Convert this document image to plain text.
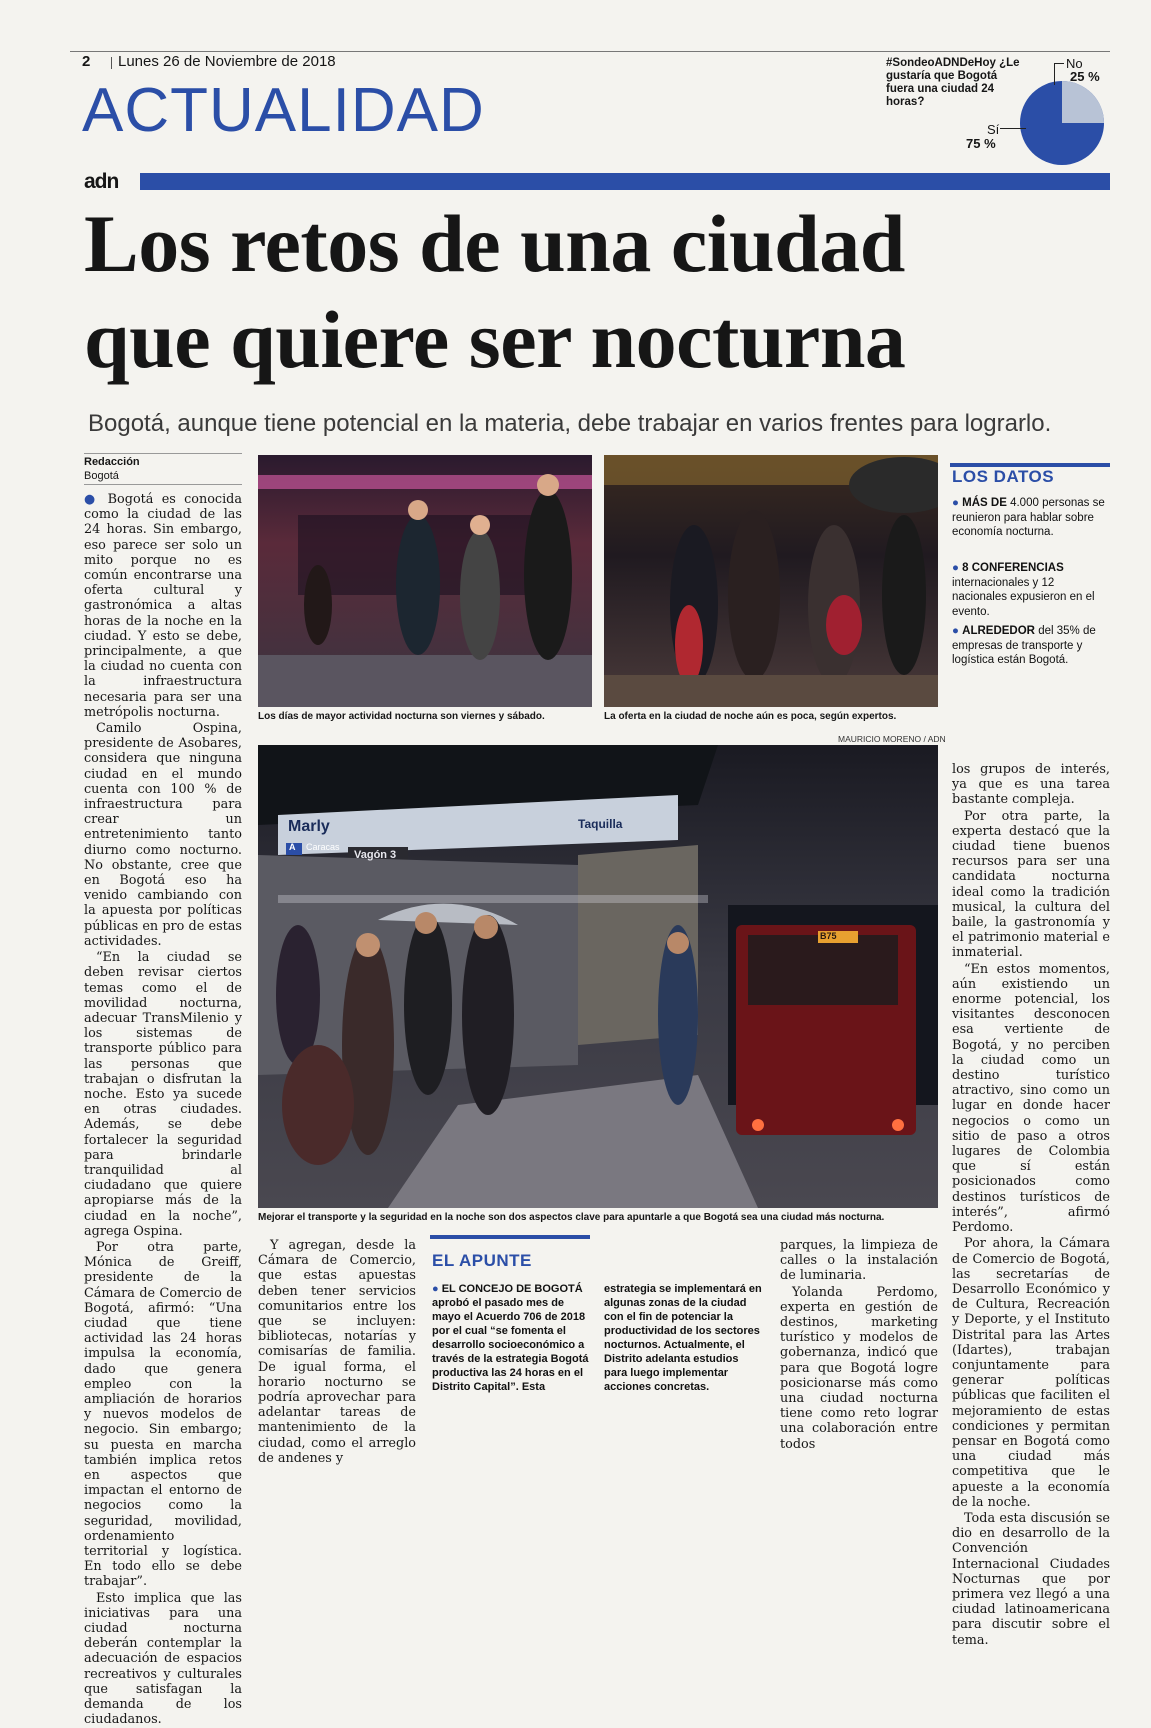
2 Lunes 26 de Noviembre de 2018
ACTUALIDAD
#SondeoADNDeHoy ¿Le gustaría que Bogotá fuera una ciudad 24 horas?
No
25 %
Sí
75 %
adn
Los retos de una ciudad
que quiere ser nocturna
Bogotá, aunque tiene potencial en la materia, debe trabajar en varios frentes para lograrlo.
Redacción
Bogotá

● Bogotá es conocida como la ciudad de las 24 horas. Sin embargo, eso parece ser solo un mito porque no es común encontrarse una oferta cultural y gastronómica a altas horas de la noche en la ciudad. Y esto se debe, principalmente, a que la ciudad no cuenta con la infraestructura necesaria para ser una metrópolis nocturna.

Camilo Ospina, presidente de Asobares, considera que ninguna ciudad en el mundo cuenta con 100 % de infraestructura para crear un entretenimiento tanto diurno como nocturno. No obstante, cree que en Bogotá eso ha venido cambiando con la apuesta por políticas públicas en pro de estas actividades.

“En la ciudad se deben revisar ciertos temas como el de movilidad nocturna, adecuar TransMilenio y los sistemas de transporte público para las personas que trabajan o disfrutan la noche. Esto ya sucede en otras ciudades. Además, se debe fortalecer la seguridad para brindarle tranquilidad al ciudadano que quiere apropiarse más de la ciudad en la noche”, agrega Ospina.

Por otra parte, Mónica de Greiff, presidente de la Cámara de Comercio de Bogotá, afirmó: “Una ciudad que tiene actividad las 24 horas impulsa la economía, dado que genera empleo con la ampliación de horarios y nuevos modelos de negocio. Sin embargo; su puesta en marcha también implica retos en aspectos que impactan el entorno de negocios como la seguridad, movilidad, ordenamiento territorial y logística. En todo ello se debe trabajar”.

Esto implica que las iniciativas para una ciudad nocturna deberán contemplar la adecuación de espacios recreativos y culturales que satisfagan la demanda de los ciudadanos.

Los días de mayor actividad nocturna son viernes y sábado.	La oferta en la ciudad de noche aún es poca, según expertos.
LOS DATOS
● MÁS DE 4.000 personas se reunieron para hablar sobre economía nocturna.
● 8 CONFERENCIAS internacionales y 12 nacionales expusieron en el evento.
● ALREDEDOR del 35% de empresas de transporte y logística están Bogotá.
MAURICIO MORENO / ADN
Marly
A Caracas
Taquilla
Vagón 3
B75
Mejorar el transporte y la seguridad en la noche son dos aspectos clave para apuntarle a que Bogotá sea una ciudad más nocturna.

los grupos de interés, ya que es una tarea bastante compleja.

Por otra parte, la experta destacó que la ciudad tiene buenos recursos para ser una candidata nocturna ideal como la tradición musical, la cultura del baile, la gastronomía y el patrimonio material e inmaterial.

“En estos momentos, aún existiendo un enorme potencial, los visitantes desconocen esa vertiente de Bogotá, y no perciben la ciudad como un destino turístico atractivo, sino como un lugar en donde hacer negocios o como un sitio de paso a otros lugares de Colombia que sí están posicionados como destinos turísticos de interés”, afirmó Perdomo.

Por ahora, la Cámara de Comercio de Bogotá, las secretarías de Desarrollo Económico y de Cultura, Recreación y Deporte, y el Instituto Distrital para las Artes (Idartes), trabajan conjuntamente para generar políticas públicas que faciliten el mejoramiento de estas condiciones y permitan pensar en Bogotá como una ciudad más competitiva que le apueste a la economía de la noche.

Toda esta discusión se dio en desarrollo de la Convención Internacional Ciudades Nocturnas que por primera vez llegó a una ciudad latinoamericana para discutir sobre el tema.

Y agregan, desde la Cámara de Comercio, que estas apuestas deben tener servicios comunitarios entre los que se incluyen: bibliotecas, notarías y comisarías de familia. De igual forma, el horario nocturno se podría aprovechar para adelantar tareas de mantenimiento de la ciudad, como el arreglo de andenes y

EL APUNTE
● EL CONCEJO DE BOGOTÁ aprobó el pasado mes de mayo el Acuerdo 706 de 2018 por el cual “se fomenta el desarrollo socioeconómico a través de la estrategia Bogotá productiva las 24 horas en el Distrito Capital”. Esta
estrategia se implementará en algunas zonas de la ciudad con el fin de potenciar la productividad de los sectores nocturnos. Actualmente, el Distrito adelanta estudios para luego implementar acciones concretas.

parques, la limpieza de calles o la instalación de luminaria.

Yolanda Perdomo, experta en gestión de destinos, marketing turístico y modelos de gobernanza, indicó que para que Bogotá logre posicionarse más como una ciudad nocturna tiene como reto lograr una colaboración entre todos
